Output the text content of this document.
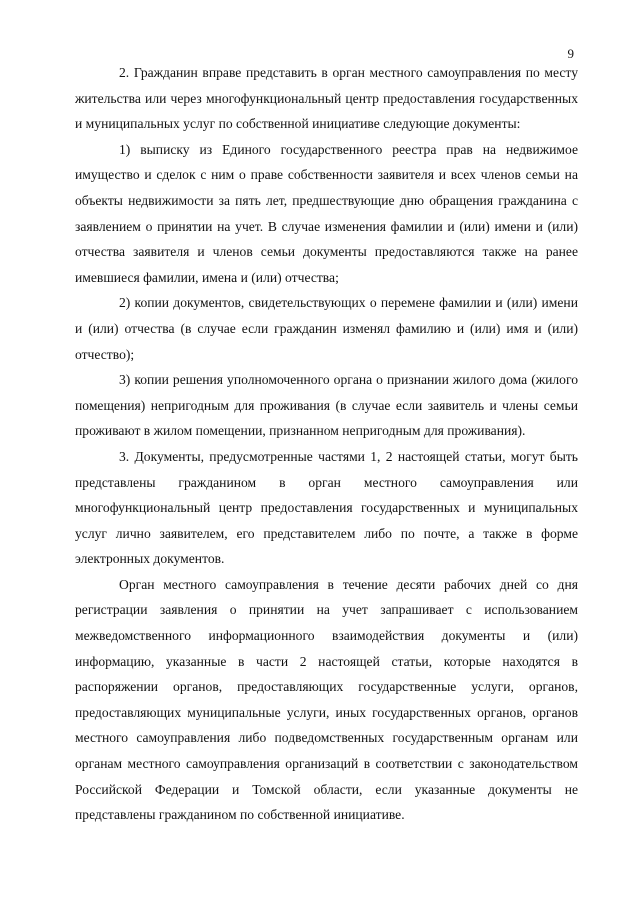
9

2. Гражданин вправе представить в орган местного самоуправления по месту жительства или через многофункциональный центр предоставления государственных и муниципальных услуг по собственной инициативе следующие документы:

1) выписку из Единого государственного реестра прав на недвижимое имущество и сделок с ним о праве собственности заявителя и всех членов семьи на объекты недвижимости за пять лет, предшествующие дню обращения гражданина с заявлением о принятии на учет. В случае изменения фамилии и (или) имени и (или) отчества заявителя и членов семьи документы предоставляются также на ранее имевшиеся фамилии, имена и (или) отчества;

2) копии документов, свидетельствующих о перемене фамилии и (или) имени и (или) отчества (в случае если гражданин изменял фамилию и (или) имя и (или) отчество);

3) копии решения уполномоченного органа о признании жилого дома (жилого помещения) непригодным для проживания (в случае если заявитель и члены семьи проживают в жилом помещении, признанном непригодным для проживания).

3. Документы, предусмотренные частями 1, 2 настоящей статьи, могут быть представлены гражданином в орган местного самоуправления или многофункциональный центр предоставления государственных и муниципальных услуг лично заявителем, его представителем либо по почте, а также в форме электронных документов.

Орган местного самоуправления в течение десяти рабочих дней со дня регистрации заявления о принятии на учет запрашивает с использованием межведомственного информационного взаимодействия документы и (или) информацию, указанные в части 2 настоящей статьи, которые находятся в распоряжении органов, предоставляющих государственные услуги, органов, предоставляющих муниципальные услуги, иных государственных органов, органов местного самоуправления либо подведомственных государственным органам или органам местного самоуправления организаций в соответствии с законодательством Российской Федерации и Томской области, если указанные документы не представлены гражданином по собственной инициативе.
